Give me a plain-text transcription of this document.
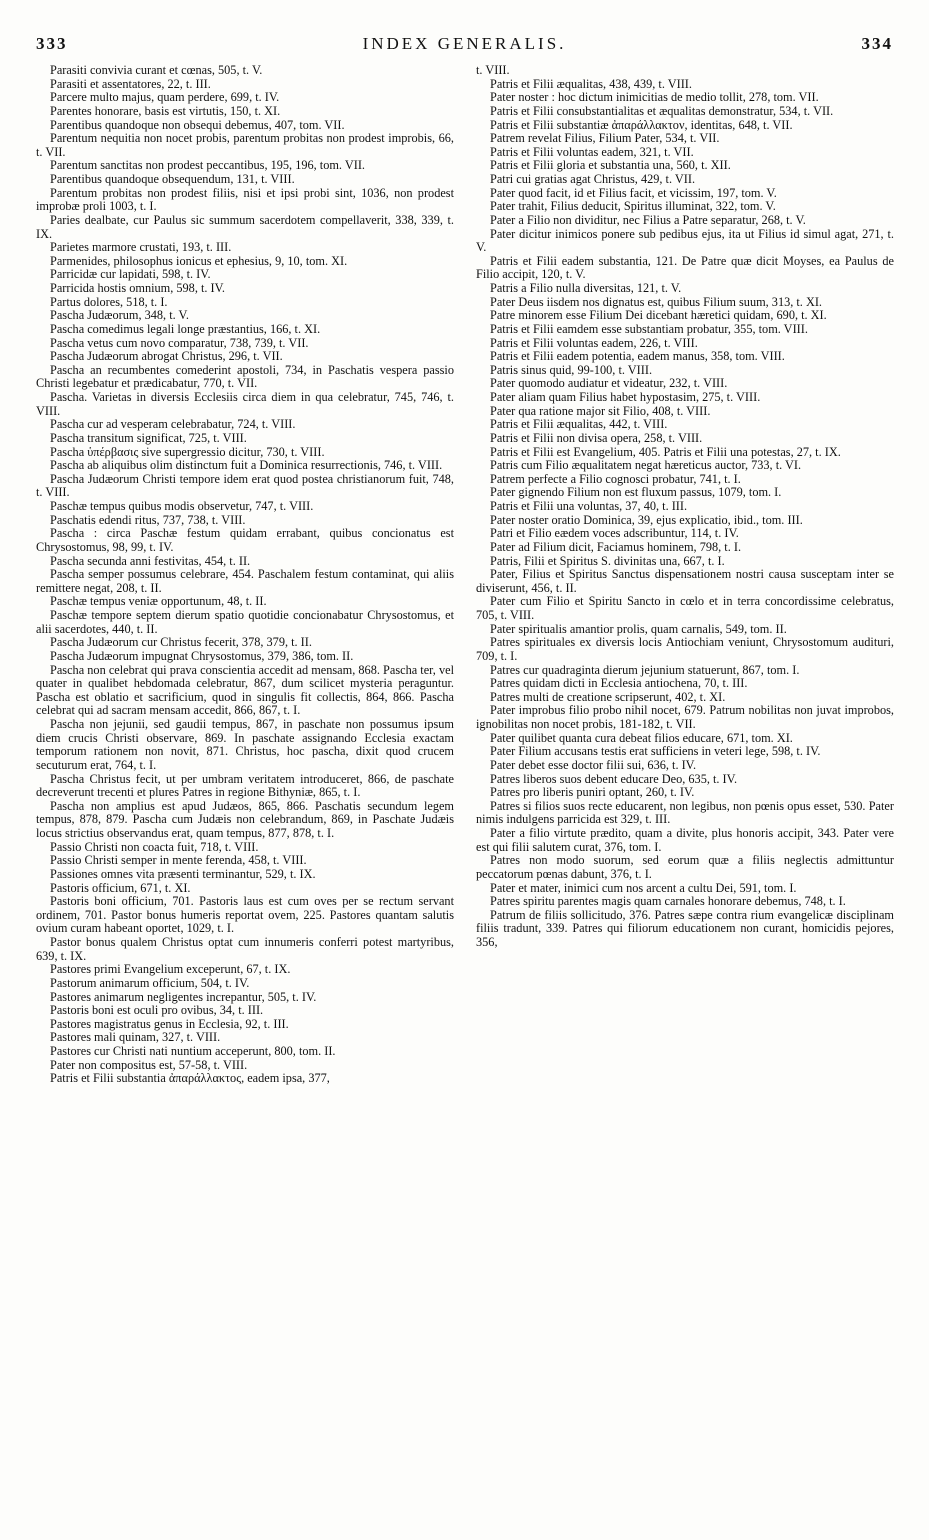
333	INDEX GENERALIS.	334

Parasiti convivia curant et cœnas, 505, t. V.

Parasiti et assentatores, 22, t. III.

Parcere multo majus, quam perdere, 699, t. IV.

Parentes honorare, basis est virtutis, 150, t. XI.

Parentibus quandoque non obsequi debemus, 407, tom. VII.

Parentum nequitia non nocet probis, parentum probitas non prodest improbis, 66, t. VII.

Parentum sanctitas non prodest peccantibus, 195, 196, tom. VII.

Parentibus quandoque obsequendum, 131, t. VIII.

Parentum probitas non prodest filiis, nisi et ipsi probi sint, 1036, non prodest improbæ proli 1003, t. I.

Paries dealbate, cur Paulus sic summum sacerdotem compellaverit, 338, 339, t. IX.

Parietes marmore crustati, 193, t. III.

Parmenides, philosophus ionicus et ephesius, 9, 10, tom. XI.

Parricidæ cur lapidati, 598, t. IV.

Parricida hostis omnium, 598, t. IV.

Partus dolores, 518, t. I.

Pascha Judæorum, 348, t. V.

Pascha comedimus legali longe præstantius, 166, t. XI.

Pascha vetus cum novo comparatur, 738, 739, t. VII.

Pascha Judæorum abrogat Christus, 296, t. VII.

Pascha an recumbentes comederint apostoli, 734, in Paschatis vespera passio Christi legebatur et prædicabatur, 770, t. VII.

Pascha. Varietas in diversis Ecclesiis circa diem in qua celebratur, 745, 746, t. VIII.

Pascha cur ad vesperam celebrabatur, 724, t. VIII.

Pascha transitum significat, 725, t. VIII.

Pascha ὑπέρβασις sive supergressio dicitur, 730, t. VIII.

Pascha ab aliquibus olim distinctum fuit a Dominica resurrectionis, 746, t. VIII.

Pascha Judæorum Christi tempore idem erat quod postea christianorum fuit, 748, t. VIII.

Paschæ tempus quibus modis observetur, 747, t. VIII.

Paschatis edendi ritus, 737, 738, t. VIII.

Pascha : circa Paschæ festum quidam errabant, quibus concionatus est Chrysostomus, 98, 99, t. IV.

Pascha secunda anni festivitas, 454, t. II.

Pascha semper possumus celebrare, 454. Paschalem festum contaminat, qui aliis remittere negat, 208, t. II.

Paschæ tempus veniæ opportunum, 48, t. II.

Paschæ tempore septem dierum spatio quotidie concionabatur Chrysostomus, et alii sacerdotes, 440, t. II.

Pascha Judæorum cur Christus fecerit, 378, 379, t. II.

Pascha Judæorum impugnat Chrysostomus, 379, 386, tom. II.

Pascha non celebrat qui prava conscientia accedit ad mensam, 868. Pascha ter, vel quater in qualibet hebdomada celebratur, 867, dum scilicet mysteria peraguntur. Pascha est oblatio et sacrificium, quod in singulis fit collectis, 864, 866. Pascha celebrat qui ad sacram mensam accedit, 866, 867, t. I.

Pascha non jejunii, sed gaudii tempus, 867, in paschate non possumus ipsum diem crucis Christi observare, 869. In paschate assignando Ecclesia exactam temporum rationem non novit, 871. Christus, hoc pascha, dixit quod crucem secuturum erat, 764, t. I.

Pascha Christus fecit, ut per umbram veritatem introduceret, 866, de paschate decreverunt trecenti et plures Patres in regione Bithyniæ, 865, t. I.

Pascha non amplius est apud Judæos, 865, 866. Paschatis secundum legem tempus, 878, 879. Pascha cum Judæis non celebrandum, 869, in Paschate Judæis locus strictius observandus erat, quam tempus, 877, 878, t. I.

Passio Christi non coacta fuit, 718, t. VIII.

Passio Christi semper in mente ferenda, 458, t. VIII.

Passiones omnes vita præsenti terminantur, 529, t. IX.

Pastoris officium, 671, t. XI.

Pastoris boni officium, 701. Pastoris laus est cum oves per se rectum servant ordinem, 701. Pastor bonus humeris reportat ovem, 225. Pastores quantam salutis ovium curam habeant oportet, 1029, t. I.

Pastor bonus qualem Christus optat cum innumeris conferri potest martyribus, 639, t. IX.

Pastores primi Evangelium exceperunt, 67, t. IX.

Pastorum animarum officium, 504, t. IV.

Pastores animarum negligentes increpantur, 505, t. IV.

Pastoris boni est oculi pro ovibus, 34, t. III.

Pastores magistratus genus in Ecclesia, 92, t. III.

Pastores mali quinam, 327, t. VIII.

Pastores cur Christi nati nuntium acceperunt, 800, tom. II.

Pater non compositus est, 57-58, t. VIII.

Patris et Filii substantia ἀπαράλλακτος, eadem ipsa, 377,

t. VIII.

Patris et Filii æqualitas, 438, 439, t. VIII.

Pater noster : hoc dictum inimicitias de medio tollit, 278, tom. VII.

Patris et Filii consubstantialitas et æqualitas demonstratur, 534, t. VII.

Patris et Filii substantiæ ἀπαράλλακτον, identitas, 648, t. VII.

Patrem revelat Filius, Filium Pater, 534, t. VII.

Patris et Filii voluntas eadem, 321, t. VII.

Patris et Filii gloria et substantia una, 560, t. XII.

Patri cui gratias agat Christus, 429, t. VII.

Pater quod facit, id et Filius facit, et vicissim, 197, tom. V.

Pater trahit, Filius deducit, Spiritus illuminat, 322, tom. V.

Pater a Filio non dividitur, nec Filius a Patre separatur, 268, t. V.

Pater dicitur inimicos ponere sub pedibus ejus, ita ut Filius id simul agat, 271, t. V.

Patris et Filii eadem substantia, 121. De Patre quæ dicit Moyses, ea Paulus de Filio accipit, 120, t. V.

Patris a Filio nulla diversitas, 121, t. V.

Pater Deus iisdem nos dignatus est, quibus Filium suum, 313, t. XI.

Patre minorem esse Filium Dei dicebant hæretici quidam, 690, t. XI.

Patris et Filii eamdem esse substantiam probatur, 355, tom. VIII.

Patris et Filii voluntas eadem, 226, t. VIII.

Patris et Filii eadem potentia, eadem manus, 358, tom. VIII.

Patris sinus quid, 99-100, t. VIII.

Pater quomodo audiatur et videatur, 232, t. VIII.

Pater aliam quam Filius habet hypostasim, 275, t. VIII.

Pater qua ratione major sit Filio, 408, t. VIII.

Patris et Filii æqualitas, 442, t. VIII.

Patris et Filii non divisa opera, 258, t. VIII.

Patris et Filii est Evangelium, 405. Patris et Filii una potestas, 27, t. IX.

Patris cum Filio æqualitatem negat hæreticus auctor, 733, t. VI.

Patrem perfecte a Filio cognosci probatur, 741, t. I.

Pater gignendo Filium non est fluxum passus, 1079, tom. I.

Patris et Filii una voluntas, 37, 40, t. III.

Pater noster oratio Dominica, 39, ejus explicatio, ibid., tom. III.

Patri et Filio eædem voces adscribuntur, 114, t. IV.

Pater ad Filium dicit, Faciamus hominem, 798, t. I.

Patris, Filii et Spiritus S. divinitas una, 667, t. I.

Pater, Filius et Spiritus Sanctus dispensationem nostri causa susceptam inter se diviserunt, 456, t. II.

Pater cum Filio et Spiritu Sancto in cœlo et in terra concordissime celebratus, 705, t. VIII.

Pater spiritualis amantior prolis, quam carnalis, 549, tom. II.

Patres spirituales ex diversis locis Antiochiam veniunt, Chrysostomum audituri, 709, t. I.

Patres cur quadraginta dierum jejunium statuerunt, 867, tom. I.

Patres quidam dicti in Ecclesia antiochena, 70, t. III.

Patres multi de creatione scripserunt, 402, t. XI.

Pater improbus filio probo nihil nocet, 679. Patrum nobilitas non juvat improbos, ignobilitas non nocet probis, 181-182, t. VII.

Pater quilibet quanta cura debeat filios educare, 671, tom. XI.

Pater Filium accusans testis erat sufficiens in veteri lege, 598, t. IV.

Pater debet esse doctor filii sui, 636, t. IV.

Patres liberos suos debent educare Deo, 635, t. IV.

Patres pro liberis puniri optant, 260, t. IV.

Patres si filios suos recte educarent, non legibus, non pœnis opus esset, 530. Pater nimis indulgens parricida est 329, t. III.

Pater a filio virtute prædito, quam a divite, plus honoris accipit, 343. Pater vere est qui filii salutem curat, 376, tom. I.

Patres non modo suorum, sed eorum quæ a filiis neglectis admittuntur peccatorum pœnas dabunt, 376, t. I.

Pater et mater, inimici cum nos arcent a cultu Dei, 591, tom. I.

Patres spiritu parentes magis quam carnales honorare debemus, 748, t. I.

Patrum de filiis sollicitudo, 376. Patres sæpe contra rium evangelicæ disciplinam filiis tradunt, 339. Patres qui filiorum educationem non curant, homicidis pejores, 356,
